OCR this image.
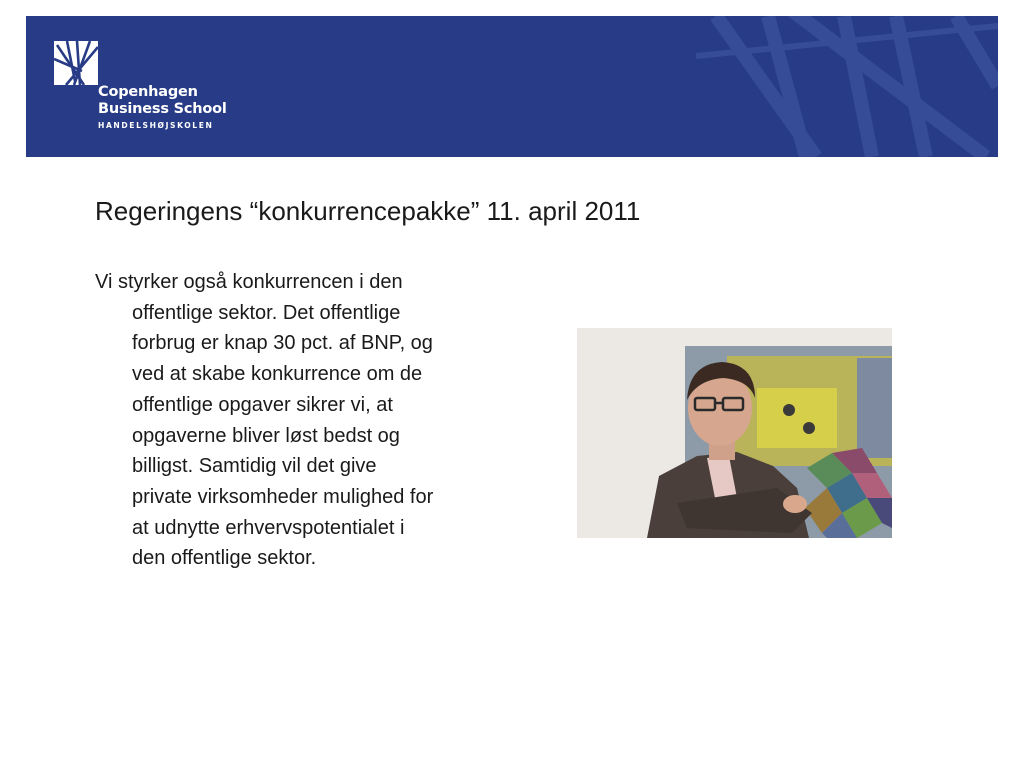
Copenhagen
Business School
HANDELSHØJSKOLEN
Regeringens “konkurrencepakke” 11. april 2011

Vi styrker også konkurrencen i den
offentlige sektor. Det offentlige
forbrug er knap 30 pct. af BNP, og
ved at skabe konkurrence om de
offentlige opgaver sikrer vi, at
opgaverne bliver løst bedst og
billigst. Samtidig vil det give
private virksomheder mulighed for
at udnytte erhvervspotentialet i
den offentlige sektor.
